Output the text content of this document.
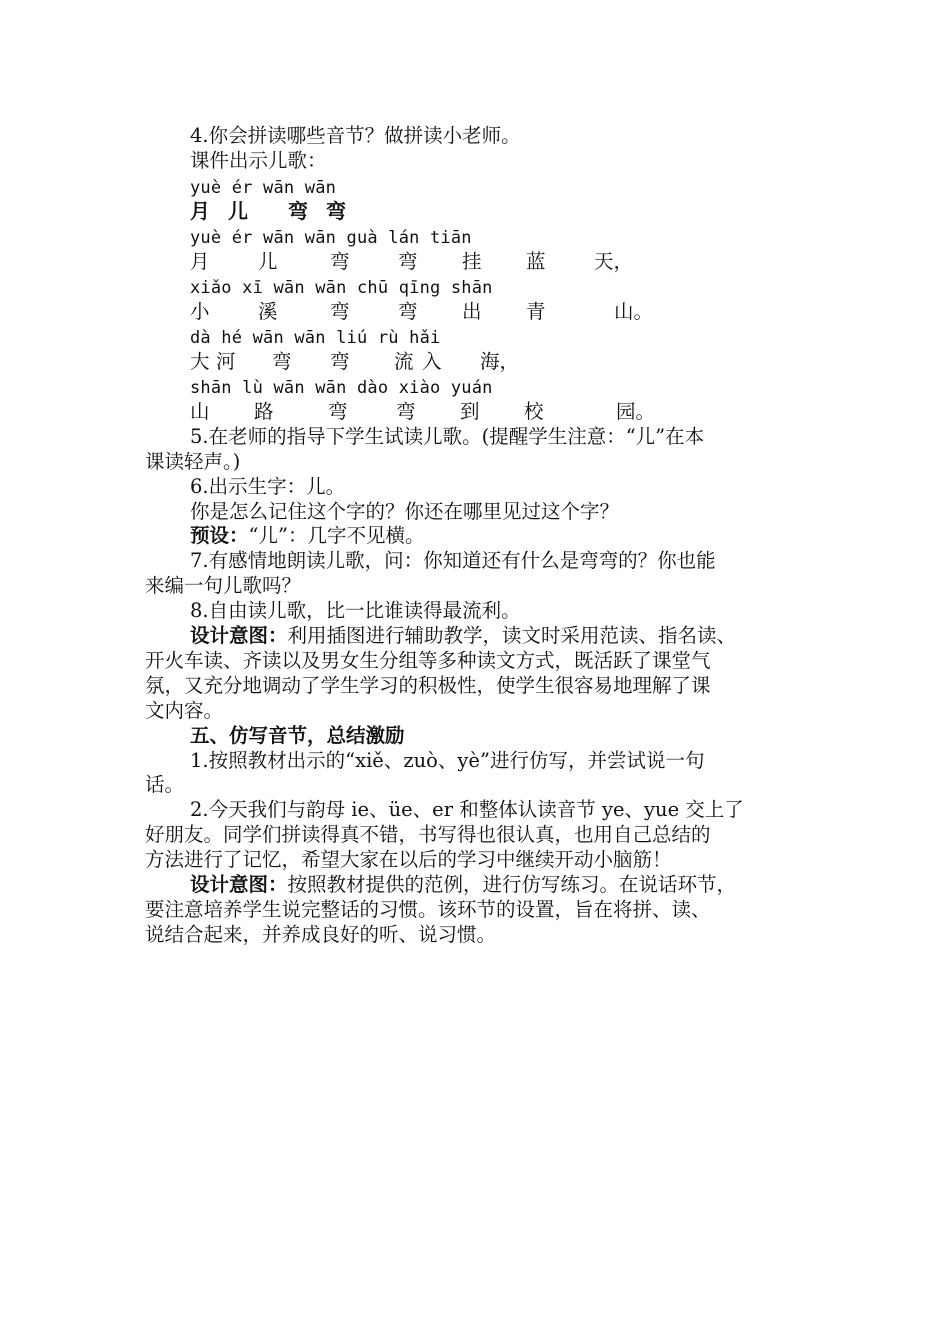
4.你会拼读哪些音节？做拼读小老师。
课件出示儿歌：
yuè ér wān wān
月 儿 弯 弯
yuè ér wān wān guà lán tiān
月 儿	弯 弯 挂 蓝 天，
xiǎo xī wān wān chū qīng shān
小 溪	弯 弯 出 青	山。
dà hé wān wān liú rù hǎi
大 河 弯 弯 流 入 海，
shān lù wān wān dào xiào yuán
山 路	弯 弯 到 校	园。
5.在老师的指导下学生试读儿歌。(提醒学生注意：“儿”在本
课读轻声。)
6.出示生字：儿。
你是怎么记住这个字的？你还在哪里见过这个字？
预设：“儿”：几字不见横。
7.有感情地朗读儿歌，问：你知道还有什么是弯弯的？你也能
来编一句儿歌吗？
8.自由读儿歌，比一比谁读得最流利。
设计意图：利用插图进行辅助教学，读文时采用范读、指名读、
开火车读、齐读以及男女生分组等多种读文方式，既活跃了课堂气
氛，又充分地调动了学生学习的积极性，使学生很容易地理解了课
文内容。
五、仿写音节，总结激励
1.按照教材出示的“xiě、zuò、yè”进行仿写，并尝试说一句
话。
2.今天我们与韵母 ie、üe、er 和整体认读音节 ye、yue 交上了
好朋友。同学们拼读得真不错，书写得也很认真，也用自己总结的
方法进行了记忆，希望大家在以后的学习中继续开动小脑筋！
设计意图：按照教材提供的范例，进行仿写练习。在说话环节，
要注意培养学生说完整话的习惯。该环节的设置，旨在将拼、读、
说结合起来，并养成良好的听、说习惯。
